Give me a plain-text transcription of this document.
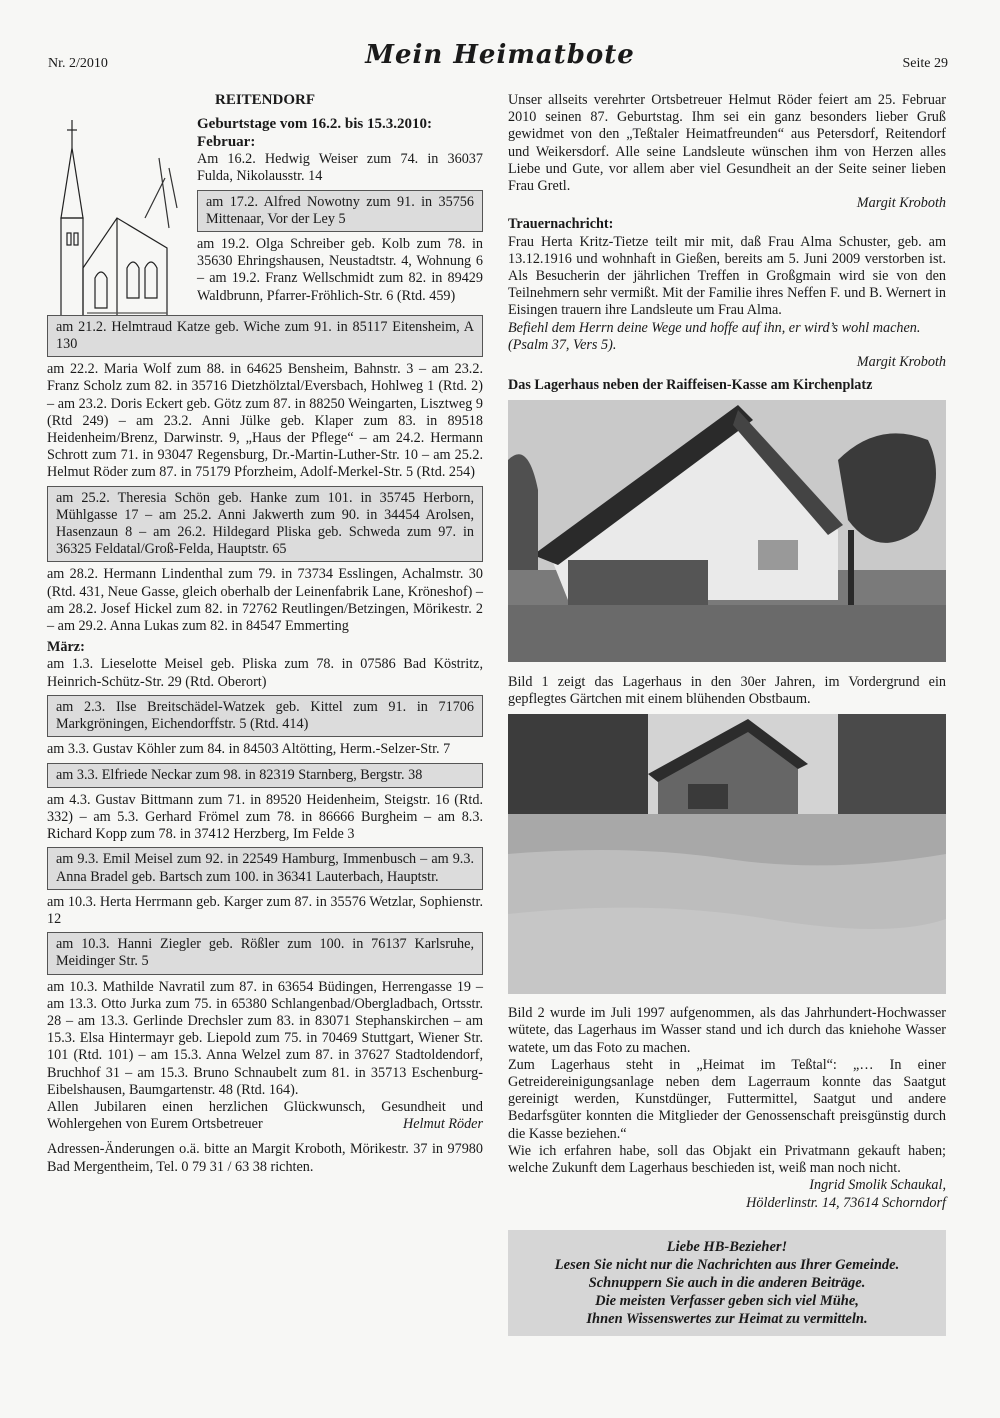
Nr. 2/2010	Mein Heimatbote	Seite 29

REITENDORF

Geburtstage vom 16.2. bis 15.3.2010:

Februar:

Am 16.2. Hedwig Weiser zum 74. in 36037 Fulda, Nikolausstr. 14

am 17.2. Alfred Nowotny zum 91. in 35756 Mittenaar, Vor der Ley 5

am 19.2. Olga Schreiber geb. Kolb zum 78. in 35630 Ehringshausen, Neustadtstr. 4, Wohnung 6 – am 19.2. Franz Wellschmidt zum 82. in 89429 Waldbrunn, Pfarrer-Fröhlich-Str. 6 (Rtd. 459)

am 21.2. Helmtraud Katze geb. Wiche zum 91. in 85117 Eitensheim, A 130

am 22.2. Maria Wolf zum 88. in 64625 Bensheim, Bahnstr. 3 – am 23.2. Franz Scholz zum 82. in 35716 Dietzhölztal/Eversbach, Hohlweg 1 (Rtd. 2) – am 23.2. Doris Eckert geb. Götz zum 87. in 88250 Weingarten, Lisztweg 9 (Rtd 249) – am 23.2. Anni Jülke geb. Klaper zum 83. in 89518 Heidenheim/Brenz, Darwinstr. 9, „Haus der Pflege“ – am 24.2. Hermann Schrott zum 71. in 93047 Regensburg, Dr.-Martin-Luther-Str. 10 – am 25.2. Helmut Röder zum 87. in 75179 Pforzheim, Adolf-Merkel-Str. 5 (Rtd. 254)

am 25.2. Theresia Schön geb. Hanke zum 101. in 35745 Herborn, Mühlgasse 17 – am 25.2. Anni Jakwerth zum 90. in 34454 Arolsen, Hasenzaun 8 – am 26.2. Hildegard Pliska geb. Schweda zum 97. in 36325 Feldatal/Groß-Felda, Hauptstr. 65

am 28.2. Hermann Lindenthal zum 79. in 73734 Esslingen, Achalmstr. 30 (Rtd. 431, Neue Gasse, gleich oberhalb der Leinenfabrik Lane, Kröneshof) – am 28.2. Josef Hickel zum 82. in 72762 Reutlingen/Betzingen, Mörikestr. 2 – am 29.2. Anna Lukas zum 82. in 84547 Emmerting

März:

am 1.3. Lieselotte Meisel geb. Pliska zum 78. in 07586 Bad Köstritz, Heinrich-Schütz-Str. 29 (Rtd. Oberort)

am 2.3. Ilse Breitschädel-Watzek geb. Kittel zum 91. in 71706 Markgröningen, Eichendorffstr. 5 (Rtd. 414)

am 3.3. Gustav Köhler zum 84. in 84503 Altötting, Herm.-Selzer-Str. 7

am 3.3. Elfriede Neckar zum 98. in 82319 Starnberg, Bergstr. 38

am 4.3. Gustav Bittmann zum 71. in 89520 Heidenheim, Steigstr. 16 (Rtd. 332) – am 5.3. Gerhard Frömel zum 78. in 86666 Burgheim – am 8.3. Richard Kopp zum 78. in 37412 Herzberg, Im Felde 3

am 9.3. Emil Meisel zum 92. in 22549 Hamburg, Immenbusch – am 9.3. Anna Bradel geb. Bartsch zum 100. in 36341 Lauterbach, Hauptstr.

am 10.3. Herta Herrmann geb. Karger zum 87. in 35576 Wetzlar, Sophienstr. 12

am 10.3. Hanni Ziegler geb. Rößler zum 100. in 76137 Karlsruhe, Meidinger Str. 5

am 10.3. Mathilde Navratil zum 87. in 63654 Büdingen, Herrengasse 19 – am 13.3. Otto Jurka zum 75. in 65380 Schlangenbad/Obergladbach, Ortsstr. 28 – am 13.3. Gerlinde Drechsler zum 83. in 83071 Stephanskirchen – am 15.3. Elsa Hintermayr geb. Liepold zum 75. in 70469 Stuttgart, Wiener Str. 101 (Rtd. 101) – am 15.3. Anna Welzel zum 87. in 37627 Stadtoldendorf, Bruchhof 31 – am 15.3. Bruno Schnaubelt zum 81. in 35713 Eschenburg-Eibelshausen, Baumgartenstr. 48 (Rtd. 164).

Allen Jubilaren einen herzlichen Glückwunsch, Gesundheit und Wohlergehen von Eurem Ortsbetreuer	Helmut Röder

Adressen-Änderungen o.ä. bitte an Margit Kroboth, Mörikestr. 37 in 97980 Bad Mergentheim, Tel. 0 79 31 / 63 38 richten.

Unser allseits verehrter Ortsbetreuer Helmut Röder feiert am 25. Februar 2010 seinen 87. Geburtstag. Ihm sei ein ganz besonders lieber Gruß gewidmet von den „Teßtaler Heimatfreunden“ aus Petersdorf, Reitendorf und Weikersdorf. Alle seine Landsleute wünschen ihm von Herzen alles Liebe und Gute, vor allem aber viel Gesundheit an der Seite seiner lieben Frau Gretl.

Margit Kroboth

Trauernachricht:

Frau Herta Kritz-Tietze teilt mir mit, daß Frau Alma Schuster, geb. am 13.12.1916 und wohnhaft in Gießen, bereits am 5. Juni 2009 verstorben ist. Als Besucherin der jährlichen Treffen in Großgmain wird sie von den Teilnehmern sehr vermißt. Mit der Familie ihres Neffen F. und B. Wernert in Eisingen trauern ihre Landsleute um Frau Alma.

Befiehl dem Herrn deine Wege und hoffe auf ihn, er wird’s wohl machen. (Psalm 37, Vers 5).

Margit Kroboth

Das Lagerhaus neben der Raiffeisen-Kasse am Kirchenplatz

Bild 1 zeigt das Lagerhaus in den 30er Jahren, im Vordergrund ein gepflegtes Gärtchen mit einem blühenden Obstbaum.

Bild 2 wurde im Juli 1997 aufgenommen, als das Jahrhundert-Hochwasser wütete, das Lagerhaus im Wasser stand und ich durch das kniehohe Wasser watete, um das Foto zu machen.

Zum Lagerhaus steht in „Heimat im Teßtal“: „… In einer Getreidereinigungsanlage neben dem Lagerraum konnte das Saatgut gereinigt werden, Kunstdünger, Futtermittel, Saatgut und andere Bedarfsgüter konnten die Mitglieder der Genossenschaft preisgünstig durch die Kasse beziehen.“

Wie ich erfahren habe, soll das Objakt ein Privatmann gekauft haben; welche Zukunft dem Lagerhaus beschieden ist, weiß man noch nicht.

Ingrid Smolik Schaukal,

Hölderlinstr. 14, 73614 Schorndorf

Liebe HB-Bezieher!
Lesen Sie nicht nur die Nachrichten aus Ihrer Gemeinde.
Schnuppern Sie auch in die anderen Beiträge.
Die meisten Verfasser geben sich viel Mühe,
Ihnen Wissenswertes zur Heimat zu vermitteln.
